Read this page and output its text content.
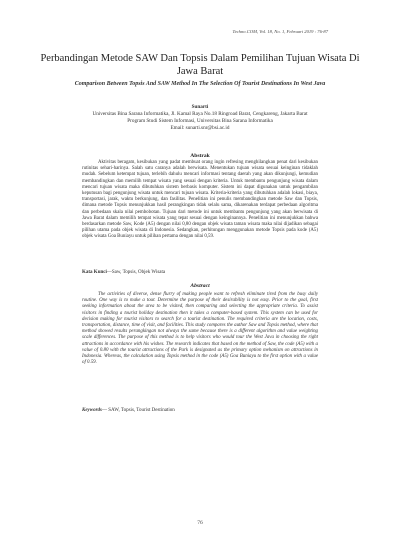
Techno.COM, Vol. 18, No. 1, Februari 2019 : 76-87
Perbandingan Metode SAW Dan Topsis Dalam Pemilihan Tujuan Wisata Di Jawa Barat
Comparison Between Topsis And SAW Method In The Selection Of Tourist Destinations In West Java
Sunarti
Universitas Bina Sarana Informatika, Jl. Kamal Raya No.18 Ringroad Barat, Cengkareng, Jakarta Barat
Program Studi Sistem Informasi, Universitas Bina Sarana Informatika
Email: sunarti.snr@bsi.ac.id
Abstrak
Aktivitas beragam, kesibukan yang padat membuat orang ingin refresing menghilangkan penat dari kesibukan rutinitas sehari-harinya. Salah satu caranya adalah berwisata. Menentukan tujuan wisata sesuai keinginan tidaklah mudah. Sebelum ketempat tujuan, terlebih dahulu mencari informasi tentang daerah yang akan dikunjungi, kemudian membandingkan dan memilih tempat wisata yang sesuai dengan kriteria. Untuk membantu pengunjung wisata dalam mencari tujuan wisata maka dibutuhkan sistem berbasis komputer. Sistem ini dapat digunakan untuk pengambilan keputusan bagi pengunjung wisata untuk mencari tujuan wisata. Kriteria-kriteria yang dibutuhkan adalah lokasi, biaya, transportasi, jarak, waktu berkunjung, dan fasilitas. Penelitian ini penulis membandingkan metode Saw dan Topsis, dimana metode Topsis menunjukkan hasil perangkingan tidak selalu sama, dikarenakan terdapat perbedaan algoritma dan perbedaan skala nilai pembobotan. Tujuan dari metode ini untuk membantu pengunjung yang akan berwisata di Jawa Barat dalam memilih tempat wisata yang tepat sesuai dengan keinginannya. Penelitian ini menunjukkan bahwa berdasarkan metode Saw, Kode (A5) dengan nilai 0,80 dengan objek wisata taman wisata maka nilai dijadikan sebagai pilihan utama pada objek wisata di Indonesia. Sedangkan, perhitungan menggunakan metode Topsis pada kode (A5) objek wisata Goa Buniayu untuk pilihan pertama dengan nilai 0,59.
Kata Kunci—Saw, Topsis, Objek Wisata
Abstract
The activities of diverse, dense flurry of making people want to refresh eliminate tired from the busy daily routine. One way is to make a tour. Determine the purpose of their desirability is not easy. Prior to the goal, first seeking information about the area to be visited, then comparing and selecting the appropriate criteria. To assist visitors in finding a tourist holiday destination then it takes a computer-based system. This system can be used for decision making for tourist visitors to search for a tourist destination. The required criteria are the location, costs, transportation, distance, time of visit, and facilities. This study compares the author Saw and Topsis method, where that method showed results perangkingan not always the same because there is a different algorithm and value weighting scale differences. The purpose of this method is to help visitors who would tour the West Java in choosing the right attractions in accordance with his wishes. The research indicates that based on the method of Saw, the code (A5) with a value of 0.80 with the tourist attractions of the Park is designated as the primary option mehanism on attractions in Indonesia. Whereas, the calculation using Topsis method in the code (A5) Goa Buniayu to the first option with a value of 0.59.
Keywords— SAW, Topsis, Tourist Destination
76
